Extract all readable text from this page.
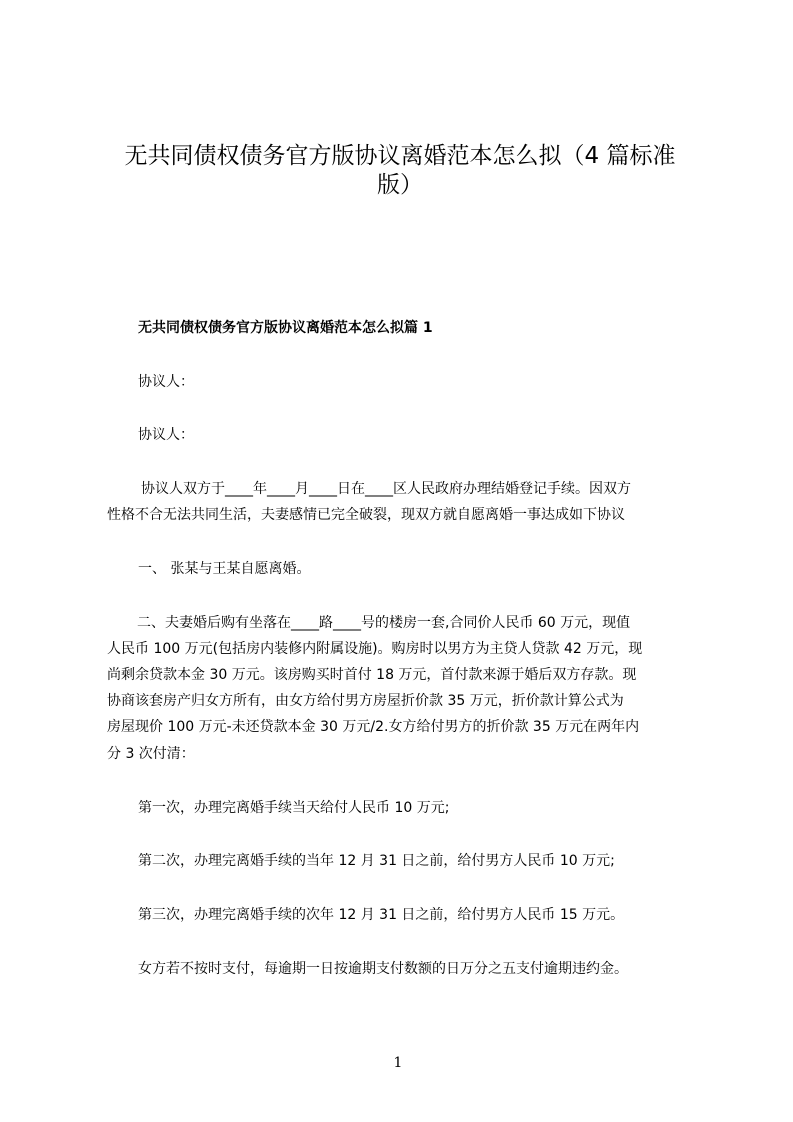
无共同债权债务官方版协议离婚范本怎么拟（4 篇标准
版）
无共同债权债务官方版协议离婚范本怎么拟篇 1

协议人：

协议人：

协议人双方于____年____月____日在____区人民政府办理结婚登记手续。因双方

性格不合无法共同生活，夫妻感情已完全破裂，现双方就自愿离婚一事达成如下协议

一、 张某与王某自愿离婚。

二、夫妻婚后购有坐落在____路____号的楼房一套,合同价人民币 60 万元，现值

人民币 100 万元(包括房内装修内附属设施)。购房时以男方为主贷人贷款 42 万元，现

尚剩余贷款本金 30 万元。该房购买时首付 18 万元，首付款来源于婚后双方存款。现

协商该套房产归女方所有，由女方给付男方房屋折价款 35 万元，折价款计算公式为

房屋现价 100 万元-未还贷款本金 30 万元/2.女方给付男方的折价款 35 万元在两年内

分 3 次付清：

第一次，办理完离婚手续当天给付人民币 10 万元;

第二次，办理完离婚手续的当年 12 月 31 日之前，给付男方人民币 10 万元;

第三次，办理完离婚手续的次年 12 月 31 日之前，给付男方人民币 15 万元。

女方若不按时支付，每逾期一日按逾期支付数额的日万分之五支付逾期违约金。

1
